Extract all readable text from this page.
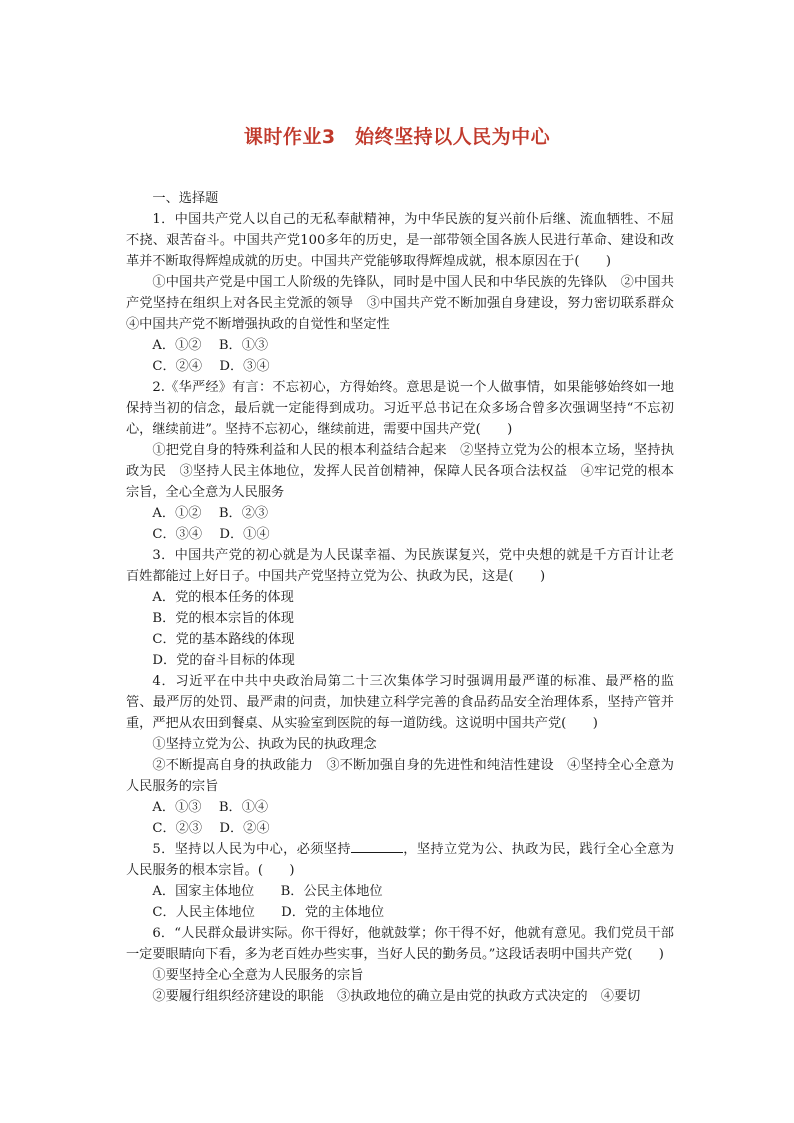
课时作业3　始终坚持以人民为中心

一、选择题

1．中国共产党人以自己的无私奉献精神，为中华民族的复兴前仆后继、流血牺牲、不屈不挠、艰苦奋斗。中国共产党100多年的历史，是一部带领全国各族人民进行革命、建设和改革并不断取得辉煌成就的历史。中国共产党能够取得辉煌成就，根本原因在于(　　)

①中国共产党是中国工人阶级的先锋队，同时是中国人民和中华民族的先锋队　②中国共产党坚持在组织上对各民主党派的领导　③中国共产党不断加强自身建设，努力密切联系群众　④中国共产党不断增强执政的自觉性和坚定性

A．①②　 B．①③

C．②④　 D．③④

2.《华严经》有言：不忘初心，方得始终。意思是说一个人做事情，如果能够始终如一地保持当初的信念，最后就一定能得到成功。习近平总书记在众多场合曾多次强调坚持“不忘初心，继续前进”。坚持不忘初心，继续前进，需要中国共产党(　　)

①把党自身的特殊利益和人民的根本利益结合起来　②坚持立党为公的根本立场，坚持执政为民　③坚持人民主体地位，发挥人民首创精神，保障人民各项合法权益　④牢记党的根本宗旨，全心全意为人民服务

A．①②　 B．②③

C．③④　 D．①④

3．中国共产党的初心就是为人民谋幸福、为民族谋复兴，党中央想的就是千方百计让老百姓都能过上好日子。中国共产党坚持立党为公、执政为民，这是(　　)

A．党的根本任务的体现

B．党的根本宗旨的体现

C．党的基本路线的体现

D．党的奋斗目标的体现

4．习近平在中共中央政治局第二十三次集体学习时强调用最严谨的标准、最严格的监管、最严厉的处罚、最严肃的问责，加快建立科学完善的食品药品安全治理体系，坚持产管并重，严把从农田到餐桌、从实验室到医院的每一道防线。这说明中国共产党(　　)

①坚持立党为公、执政为民的执政理念

②不断提高自身的执政能力　③不断加强自身的先进性和纯洁性建设　④坚持全心全意为人民服务的宗旨

A．①③　 B．①④

C．②③　 D．②④

5．坚持以人民为中心，必须坚持	，坚持立党为公、执政为民，践行全心全意为人民服务的根本宗旨。(　　)

A．国家主体地位　　B．公民主体地位

C．人民主体地位　　D．党的主体地位

6．“人民群众最讲实际。你干得好，他就鼓掌；你干得不好，他就有意见。我们党员干部一定要眼睛向下看，多为老百姓办些实事，当好人民的勤务员。”这段话表明中国共产党(　　)

①要坚持全心全意为人民服务的宗旨

②要履行组织经济建设的职能　③执政地位的确立是由党的执政方式决定的　④要切
